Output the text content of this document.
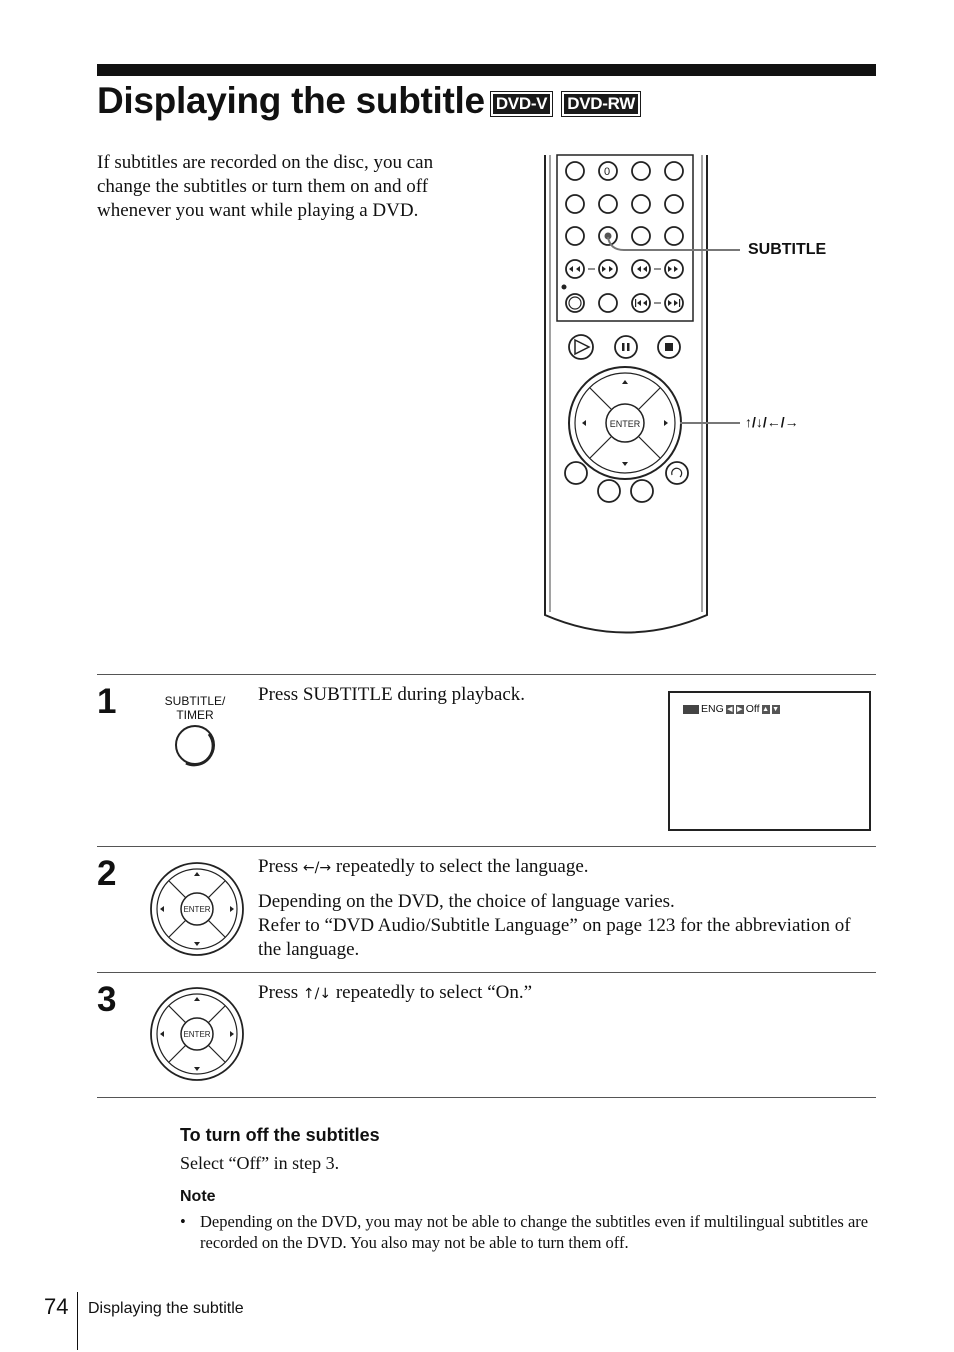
Displaying the subtitle DVD-V DVD-RW
If subtitles are recorded on the disc, you can change the subtitles or turn them on and off whenever you want while playing a DVD.
ENTER
0
SUBTITLE
↑/↓/←/→
1	SUBTITLE/
TIMER
Press SUBTITLE during playback.
ENG ◀ ▶ Off ▲ ▼
2
ENTER

Press ←/→ repeatedly to select the language.

Depending on the DVD, the choice of language varies.
Refer to “DVD Audio/Subtitle Language” on page 123 for the abbreviation of the language.
3
ENTER
Press ↑/↓ repeatedly to select “On.”
To turn off the subtitles
Select “Off” in step 3.
Note
• Depending on the DVD, you may not be able to change the subtitles even if multilingual subtitles are recorded on the DVD. You also may not be able to turn them off.
74 Displaying the subtitle
